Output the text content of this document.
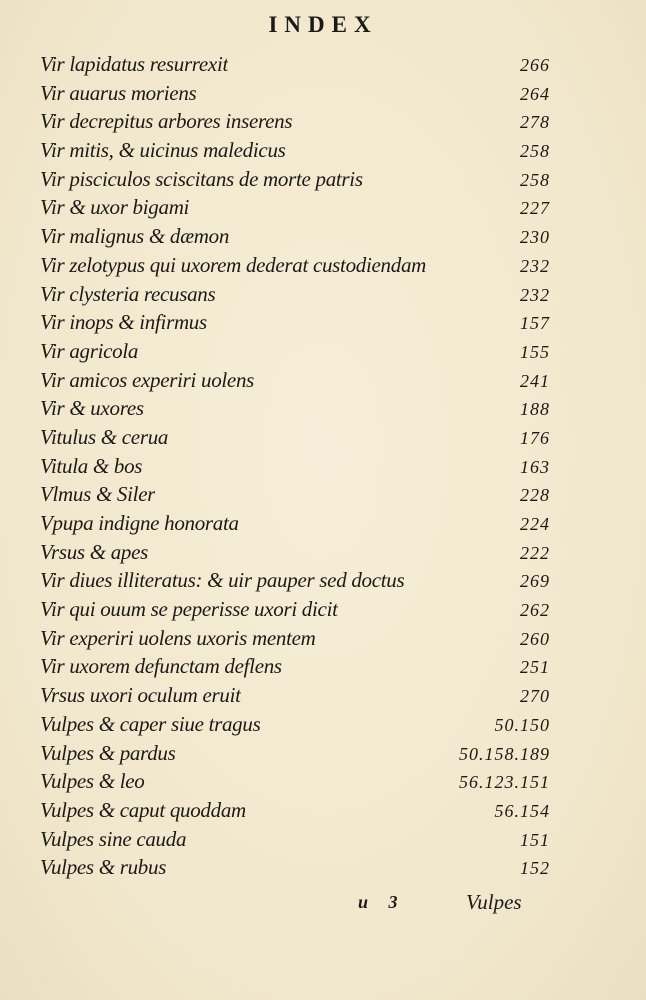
INDEX
Vir lapidatus resurrexit	266
Vir auarus moriens	264
Vir decrepitus arbores inserens	278
Vir mitis, & uicinus maledicus	258
Vir pisciculos sciscitans de morte patris	258
Vir & uxor bigami	227
Vir malignus & dæmon	230
Vir zelotypus qui uxorem dederat custodiendam	232
Vir clysteria recusans	232
Vir inops & infirmus	157
Vir agricola	155
Vir amicos experiri uolens	241
Vir & uxores	188
Vitulus & cerua	176
Vitula & bos	163
Vlmus & Siler	228
Vpupa indigne honorata	224
Vrsus & apes	222
Vir diues illiteratus: & uir pauper sed doctus	269
Vir qui ouum se peperisse uxori dicit	262
Vir experiri uolens uxoris mentem	260
Vir uxorem defunctam deflens	251
Vrsus uxori oculum eruit	270
Vulpes & caper siue tragus	50.150
Vulpes & pardus	50.158.189
Vulpes & leo	56.123.151
Vulpes & caput quoddam	56.154
Vulpes sine cauda	151
Vulpes & rubus	152
u 3	Vulpes
